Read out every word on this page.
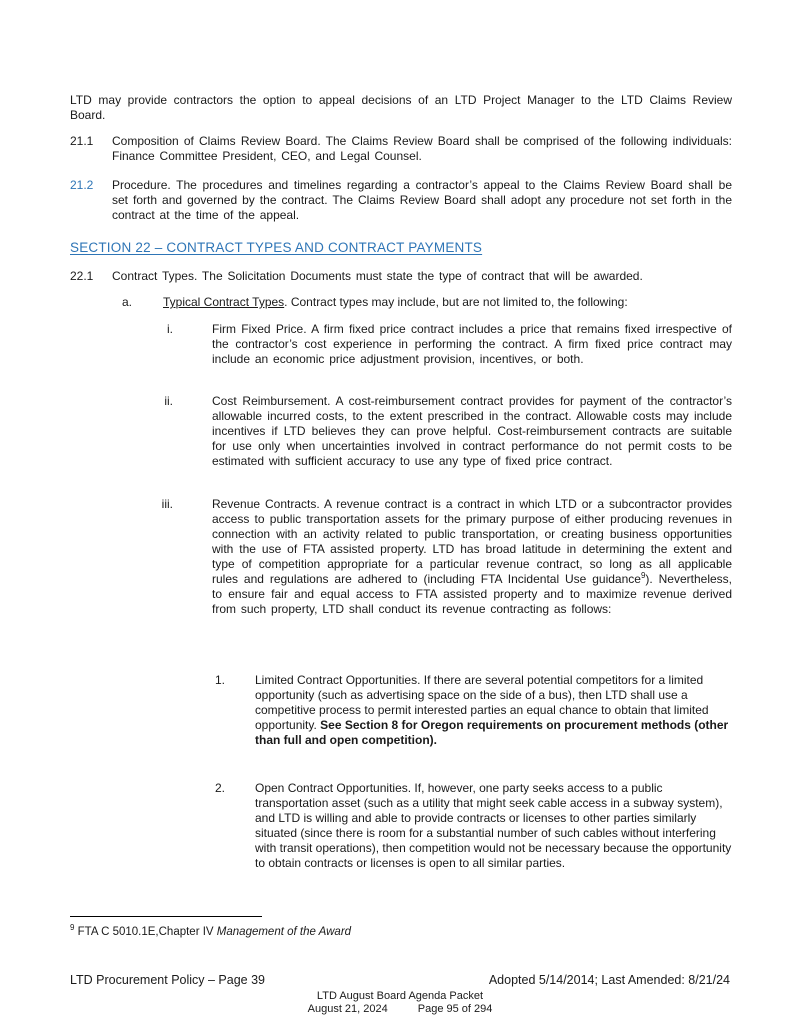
LTD may provide contractors the option to appeal decisions of an LTD Project Manager to the LTD Claims Review Board.

21.1	Composition of Claims Review Board. The Claims Review Board shall be comprised of the following individuals: Finance Committee President, CEO, and Legal Counsel.
21.2	Procedure. The procedures and timelines regarding a contractor’s appeal to the Claims Review Board shall be set forth and governed by the contract. The Claims Review Board shall adopt any procedure not set forth in the contract at the time of the appeal.
SECTION 22 – CONTRACT TYPES AND CONTRACT PAYMENTS
22.1	Contract Types. The Solicitation Documents must state the type of contract that will be awarded.
a.	Typical Contract Types. Contract types may include, but are not limited to, the following:
i.	Firm Fixed Price. A firm fixed price contract includes a price that remains fixed irrespective of the contractor’s cost experience in performing the contract. A firm fixed price contract may include an economic price adjustment provision, incentives, or both.
ii.	Cost Reimbursement. A cost-reimbursement contract provides for payment of the contractor’s allowable incurred costs, to the extent prescribed in the contract. Allowable costs may include incentives if LTD believes they can prove helpful. Cost-reimbursement contracts are suitable for use only when uncertainties involved in contract performance do not permit costs to be estimated with sufficient accuracy to use any type of fixed price contract.
iii.	Revenue Contracts. A revenue contract is a contract in which LTD or a subcontractor provides access to public transportation assets for the primary purpose of either producing revenues in connection with an activity related to public transportation, or creating business opportunities with the use of FTA assisted property. LTD has broad latitude in determining the extent and type of competition appropriate for a particular revenue contract, so long as all applicable rules and regulations are adhered to (including FTA Incidental Use guidance$^9$). Nevertheless, to ensure fair and equal access to FTA assisted property and to maximize revenue derived from such property, LTD shall conduct its revenue contracting as follows:
1.	Limited Contract Opportunities. If there are several potential competitors for a limited opportunity (such as advertising space on the side of a bus), then LTD shall use a competitive process to permit interested parties an equal chance to obtain that limited opportunity. See Section 8 for Oregon requirements on procurement methods (other than full and open competition).
2.	Open Contract Opportunities. If, however, one party seeks access to a public transportation asset (such as a utility that might seek cable access in a subway system), and LTD is willing and able to provide contracts or licenses to other parties similarly situated (since there is room for a substantial number of such cables without interfering with transit operations), then competition would not be necessary because the opportunity to obtain contracts or licenses is open to all similar parties.

$^9$ FTA C 5010.1E,Chapter IV Management of the Award

LTD Procurement Policy – Page 39	Adopted 5/14/2014; Last Amended: 8/21/24
LTD August Board Agenda Packet
August 21, 2024	Page 95 of 294
